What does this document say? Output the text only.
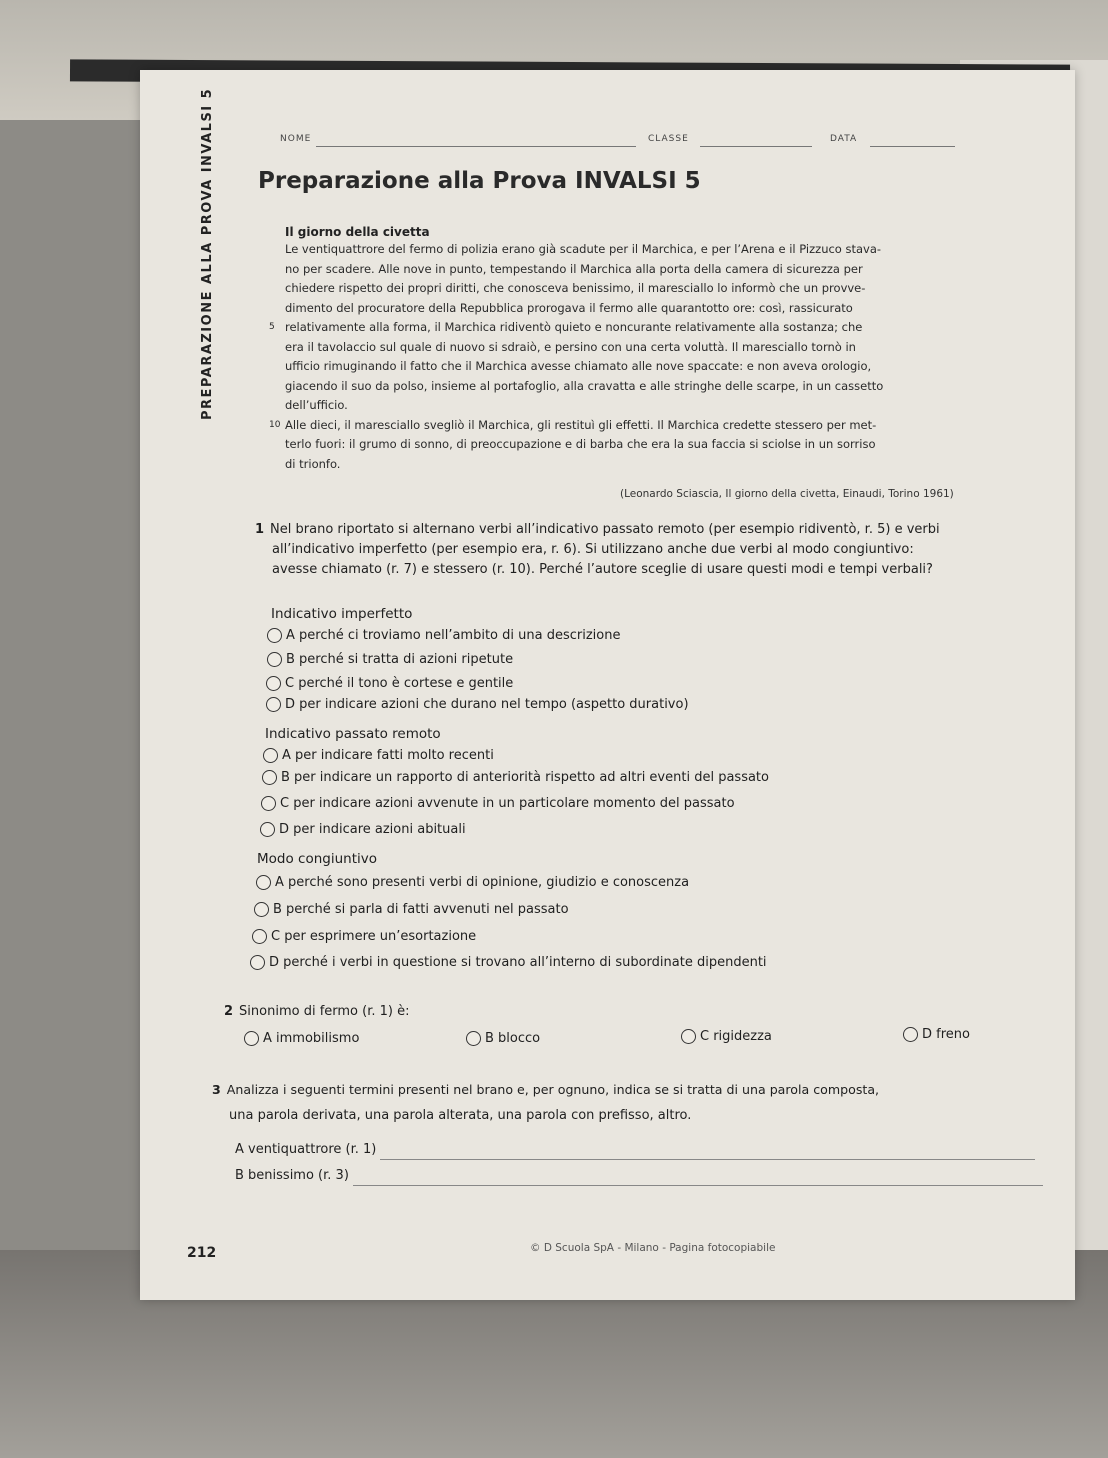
PREPARAZIONE ALLA PROVA INVALSI 5	NOME	CLASSE	DATA
Preparazione alla Prova INVALSI 5
Il giorno della civetta
Le ventiquattrore del fermo di polizia erano già scadute per il Marchica, e per l’Arena e il Pizzuco stava-
no per scadere. Alle nove in punto, tempestando il Marchica alla porta della camera di sicurezza per
chiedere rispetto dei propri diritti, che conosceva benissimo, il maresciallo lo informò che un provve-
dimento del procuratore della Repubblica prorogava il fermo alle quarantotto ore: così, rassicurato
5 relativamente alla forma, il Marchica ridiventò quieto e noncurante relativamente alla sostanza; che
era il tavolaccio sul quale di nuovo si sdraiò, e persino con una certa voluttà. Il maresciallo tornò in
ufficio rimuginando il fatto che il Marchica avesse chiamato alle nove spaccate: e non aveva orologio,
giacendo il suo da polso, insieme al portafoglio, alla cravatta e alle stringhe delle scarpe, in un cassetto
dell’ufficio.
10 Alle dieci, il maresciallo svegliò il Marchica, gli restituì gli effetti. Il Marchica credette stessero per met-
terlo fuori: il grumo di sonno, di preoccupazione e di barba che era la sua faccia si sciolse in un sorriso
di trionfo.
(Leonardo Sciascia, Il giorno della civetta, Einaudi, Torino 1961)
1 Nel brano riportato si alternano verbi all’indicativo passato remoto (per esempio ridiventò, r. 5) e verbi
all’indicativo imperfetto (per esempio era, r. 6). Si utilizzano anche due verbi al modo congiuntivo:
avesse chiamato (r. 7) e stessero (r. 10). Perché l’autore sceglie di usare questi modi e tempi verbali?
Indicativo imperfetto
A perché ci troviamo nell’ambito di una descrizione
B perché si tratta di azioni ripetute
C perché il tono è cortese e gentile
D per indicare azioni che durano nel tempo (aspetto durativo)
Indicativo passato remoto
A per indicare fatti molto recenti
B per indicare un rapporto di anteriorità rispetto ad altri eventi del passato
C per indicare azioni avvenute in un particolare momento del passato
D per indicare azioni abituali
Modo congiuntivo
A perché sono presenti verbi di opinione, giudizio e conoscenza
B perché si parla di fatti avvenuti nel passato
C per esprimere un’esortazione
D perché i verbi in questione si trovano all’interno di subordinate dipendenti
2 Sinonimo di fermo (r. 1) è:
A immobilismo	B blocco	C rigidezza	D freno
3 Analizza i seguenti termini presenti nel brano e, per ognuno, indica se si tratta di una parola composta,
una parola derivata, una parola alterata, una parola con prefisso, altro.
A ventiquattrore (r. 1)
B benissimo (r. 3)
212	© D Scuola SpA - Milano - Pagina fotocopiabile
